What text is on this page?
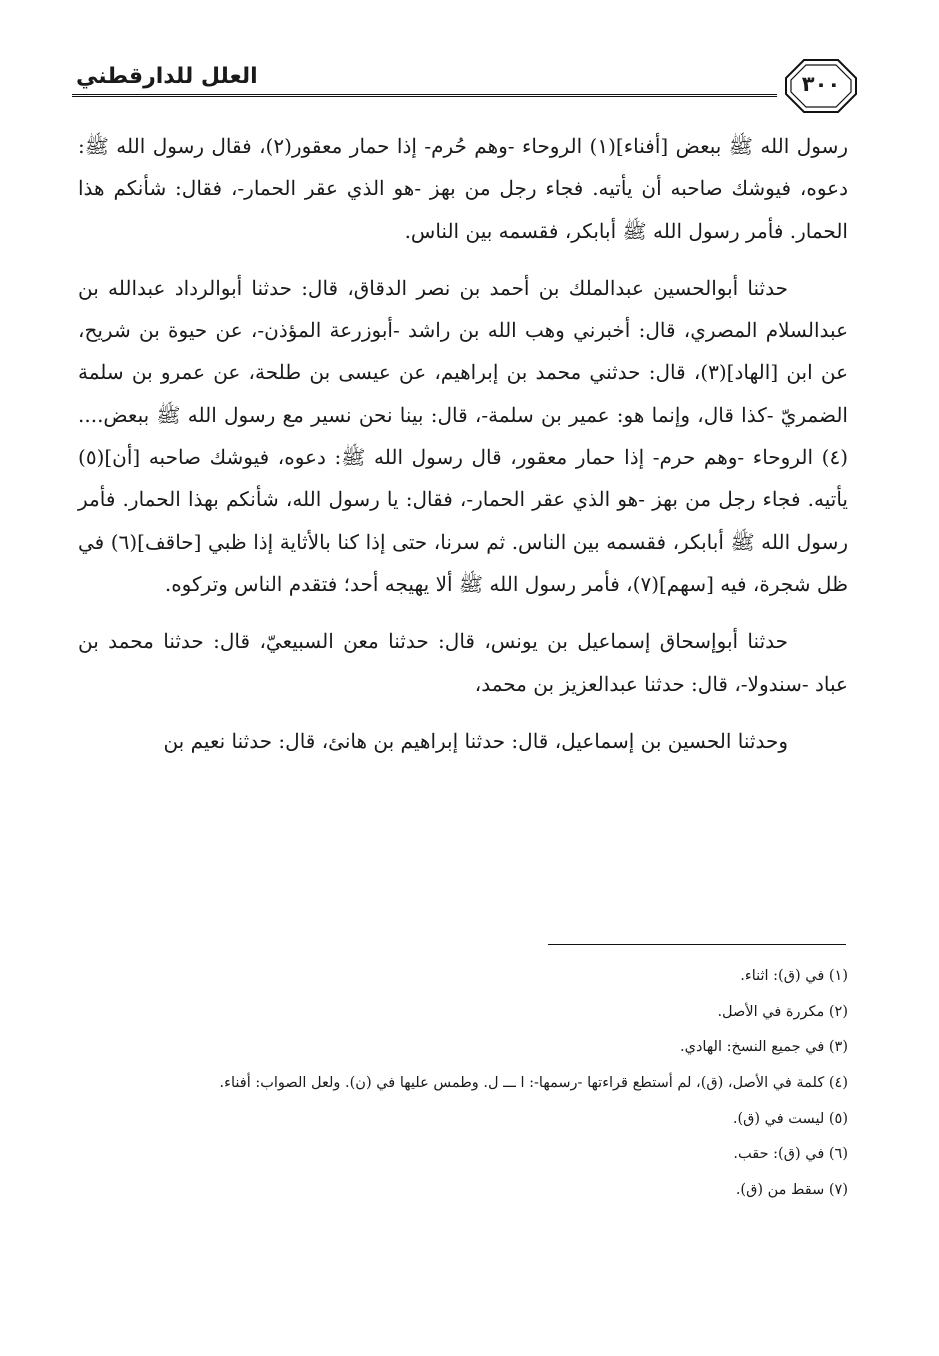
العلل للدارقطني	٣٠٠

رسول الله ﷺ ببعض [أفناء](١) الروحاء -وهم حُرم- إذا حمار معقور(٢)، فقال رسول الله ﷺ: دعوه، فيوشك صاحبه أن يأتيه. فجاء رجل من بهز -هو الذي عقر الحمار-، فقال: شأنكم هذا الحمار. فأمر رسول الله ﷺ أبابكر، فقسمه بين الناس.

حدثنا أبوالحسين عبدالملك بن أحمد بن نصر الدقاق، قال: حدثنا أبوالرداد عبدالله بن عبدالسلام المصري، قال: أخبرني وهب الله بن راشد -أبوزرعة المؤذن-، عن حيوة بن شريح، عن ابن [الهاد](٣)، قال: حدثني محمد بن إبراهيم، عن عيسى بن طلحة، عن عمرو بن سلمة الضمريّ -كذا قال، وإنما هو: عمير بن سلمة-، قال: بينا نحن نسير مع رسول الله ﷺ ببعض....(٤) الروحاء -وهم حرم- إذا حمار معقور، قال رسول الله ﷺ: دعوه، فيوشك صاحبه [أن](٥) يأتيه. فجاء رجل من بهز -هو الذي عقر الحمار-، فقال: يا رسول الله، شأنكم بهذا الحمار. فأمر رسول الله ﷺ أبابكر، فقسمه بين الناس. ثم سرنا، حتى إذا كنا بالأثاية إذا ظبي [حاقف](٦) في ظل شجرة، فيه [سهم](٧)، فأمر رسول الله ﷺ ألا يهيجه أحد؛ فتقدم الناس وتركوه.

حدثنا أبوإسحاق إسماعيل بن يونس، قال: حدثنا معن السبيعيّ، قال: حدثنا محمد بن عباد -سندولا-، قال: حدثنا عبدالعزيز بن محمد،

وحدثنا الحسين بن إسماعيل، قال: حدثنا إبراهيم بن هانئ، قال: حدثنا نعيم بن

(١) في (ق): اثناء.
(٢) مكررة في الأصل.
(٣) في جميع النسخ: الهادي.
(٤) كلمة في الأصل، (ق)، لم أستطع قراءتها -رسمها-: ا ـــ ل. وطمس عليها في (ن). ولعل الصواب: أفناء.
(٥) ليست في (ق).
(٦) في (ق): حقب.
(٧) سقط من (ق).
